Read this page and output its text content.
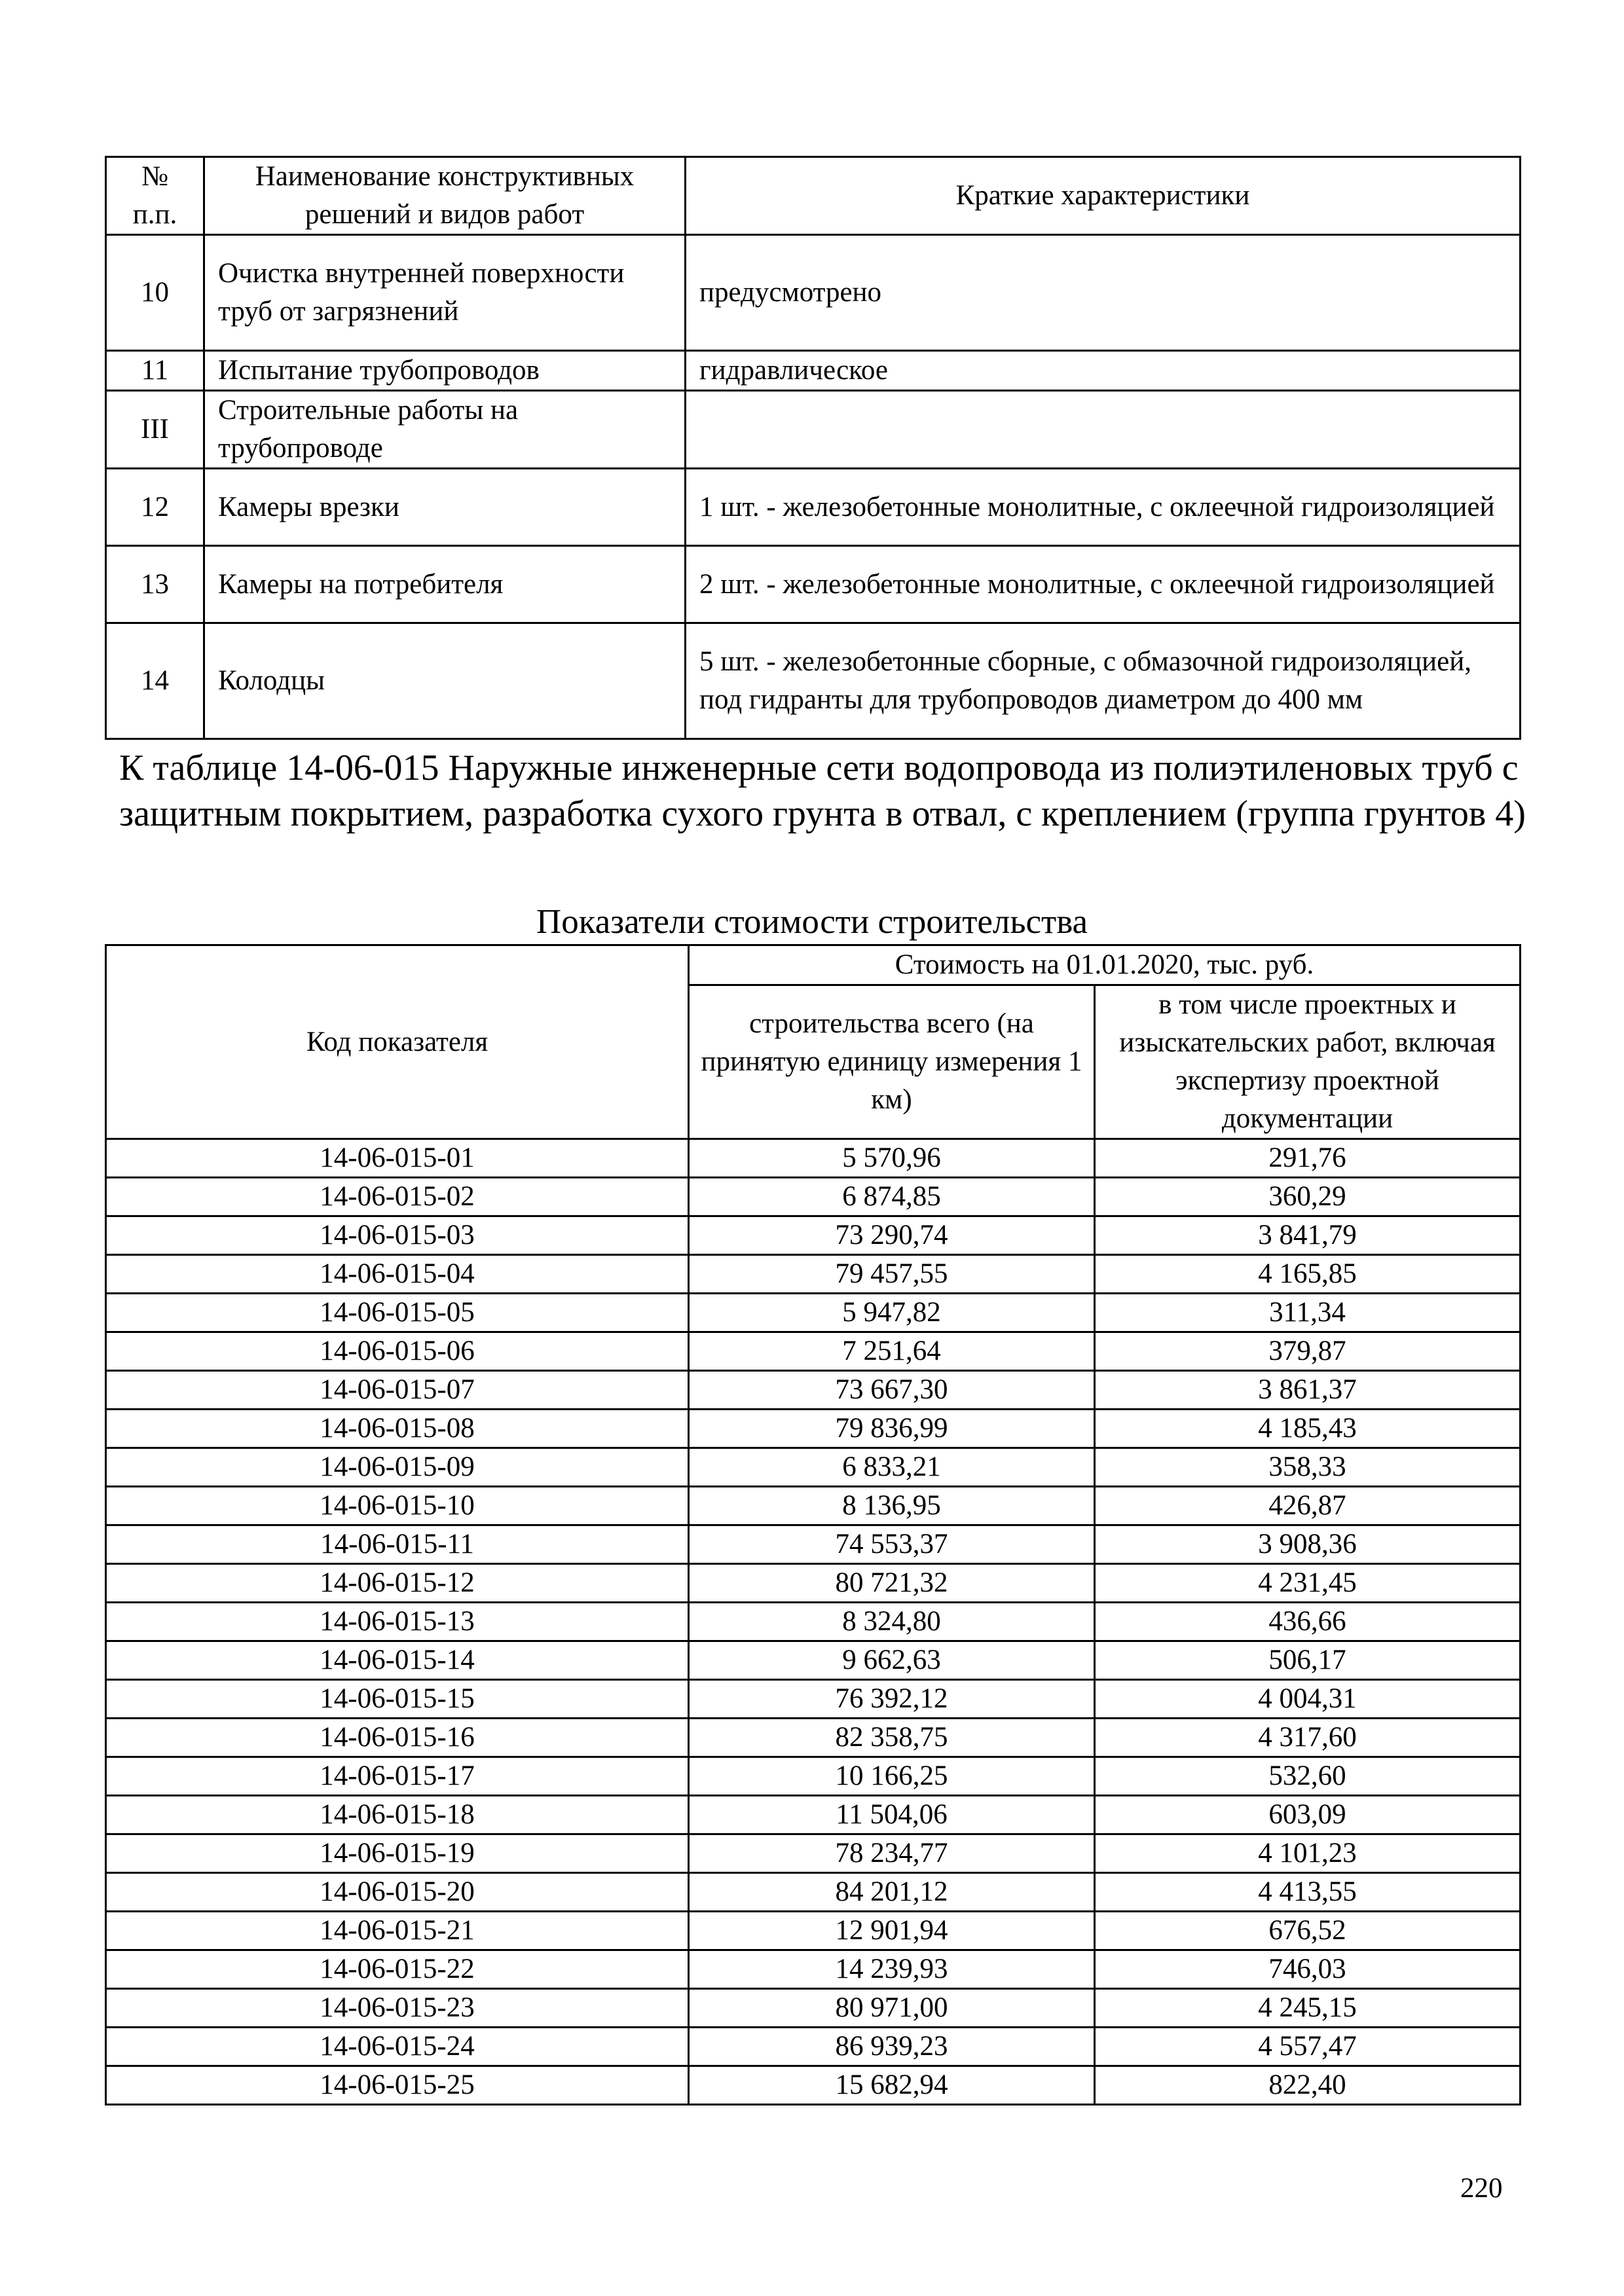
№ п.п.	Наименование конструктивных решений и видов работ	Краткие характеристики
10	Очистка внутренней поверхности труб от загрязнений	предусмотрено
11	Испытание трубопроводов	гидравлическое
III	Строительные работы на трубопроводе	
12	Камеры врезки	1 шт. - железобетонные монолитные, с оклеечной гидроизоляцией
13	Камеры на потребителя	2 шт. - железобетонные монолитные, с оклеечной гидроизоляцией
14	Колодцы	5 шт. - железобетонные сборные, с обмазочной гидроизоляцией, под гидранты для трубопроводов диаметром до 400 мм
К таблице 14-06-015 Наружные инженерные сети водопровода из полиэтиленовых труб с защитным покрытием, разработка сухого грунта в отвал, с креплением (группа грунтов 4)
Показатели стоимости строительства
Код показателя	Стоимость на 01.01.2020, тыс. руб.	
	строительства всего (на принятую единицу измерения 1 км)	в том числе проектных и изыскательских работ, включая экспертизу проектной документации
14-06-015-01	5 570,96	291,76
14-06-015-02	6 874,85	360,29
14-06-015-03	73 290,74	3 841,79
14-06-015-04	79 457,55	4 165,85
14-06-015-05	5 947,82	311,34
14-06-015-06	7 251,64	379,87
14-06-015-07	73 667,30	3 861,37
14-06-015-08	79 836,99	4 185,43
14-06-015-09	6 833,21	358,33
14-06-015-10	8 136,95	426,87
14-06-015-11	74 553,37	3 908,36
14-06-015-12	80 721,32	4 231,45
14-06-015-13	8 324,80	436,66
14-06-015-14	9 662,63	506,17
14-06-015-15	76 392,12	4 004,31
14-06-015-16	82 358,75	4 317,60
14-06-015-17	10 166,25	532,60
14-06-015-18	11 504,06	603,09
14-06-015-19	78 234,77	4 101,23
14-06-015-20	84 201,12	4 413,55
14-06-015-21	12 901,94	676,52
14-06-015-22	14 239,93	746,03
14-06-015-23	80 971,00	4 245,15
14-06-015-24	86 939,23	4 557,47
14-06-015-25	15 682,94	822,40
220
